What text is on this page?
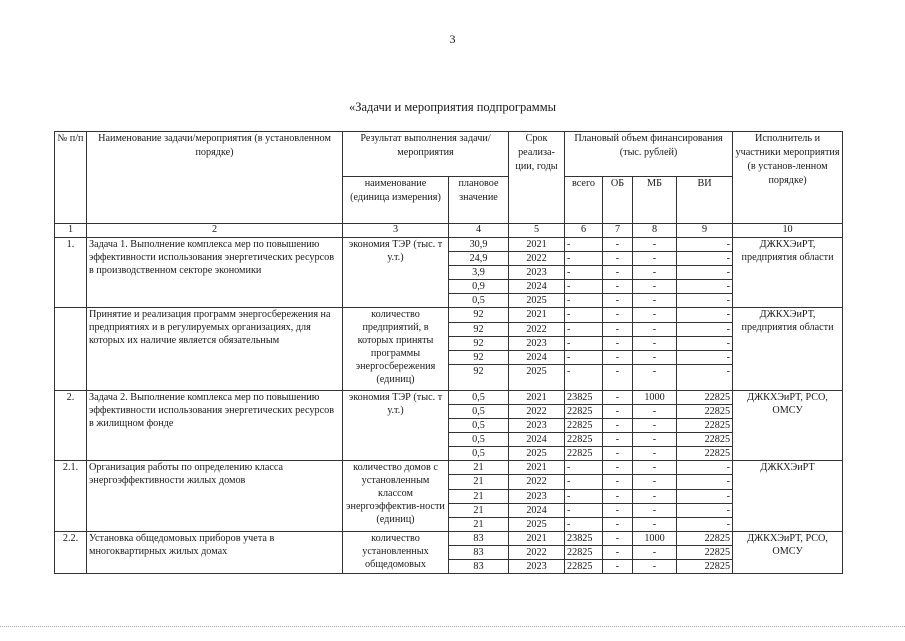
3
«Задачи и мероприятия подпрограммы
№ п/п	Наименование задачи/мероприятия (в установленном порядке)	Результат выполнения задачи/мероприятия		Срок реализа-ции, годы	Плановый объем финансирования (тыс. рублей)				Исполнитель и участники мероприятия (в установ-ленном порядке)
		наименование (единица измерения)	плановое значение		всего	ОБ	МБ	ВИ	
1	2	3	4	5	6	7	8	9	10
1.	Задача 1. Выполнение комплекса мер по повышению эффективности использования энергетических ресурсов в производственном секторе экономики	экономия ТЭР (тыс. т у.т.)	30,9	2021	-	-	-	-	ДЖКХЭиРТ, предприятия области
			24,9	2022	-	-	-	-	
			3,9	2023	-	-	-	-	
			0,9	2024	-	-	-	-	
			0,5	2025	-	-	-	-	
	Принятие и реализация программ энергосбережения на предприятиях и в регулируемых организациях, для которых их наличие является обязательным	количество предприятий, в которых приняты программы энергосбережения (единиц)	92	2021	-	-	-	-	ДЖКХЭиРТ, предприятия области
			92	2022	-	-	-	-	
			92	2023	-	-	-	-	
			92	2024	-	-	-	-	
			92	2025	-	-	-	-	
2.	Задача 2. Выполнение комплекса мер по повышению эффективности использования энергетических ресурсов в жилищном фонде	экономия ТЭР (тыс. т у.т.)	0,5	2021	23825	-	1000	22825	ДЖКХЭиРТ, РСО, ОМСУ
			0,5	2022	22825	-	-	22825	
			0,5	2023	22825	-	-	22825	
			0,5	2024	22825	-	-	22825	
			0,5	2025	22825	-	-	22825	
2.1.	Организация работы по определению класса энергоэффективности жилых домов	количество домов с установленным классом энергоэффектив-ности (единиц)	21	2021	-	-	-	-	ДЖКХЭиРТ
			21	2022	-	-	-	-	
			21	2023	-	-	-	-	
			21	2024	-	-	-	-	
			21	2025	-	-	-	-	
2.2.	Установка общедомовых приборов учета в многоквартирных жилых домах	количество установленных общедомовых	83	2021	23825	-	1000	22825	ДЖКХЭиРТ, РСО, ОМСУ
			83	2022	22825	-	-	22825	
			83	2023	22825	-	-	22825	
